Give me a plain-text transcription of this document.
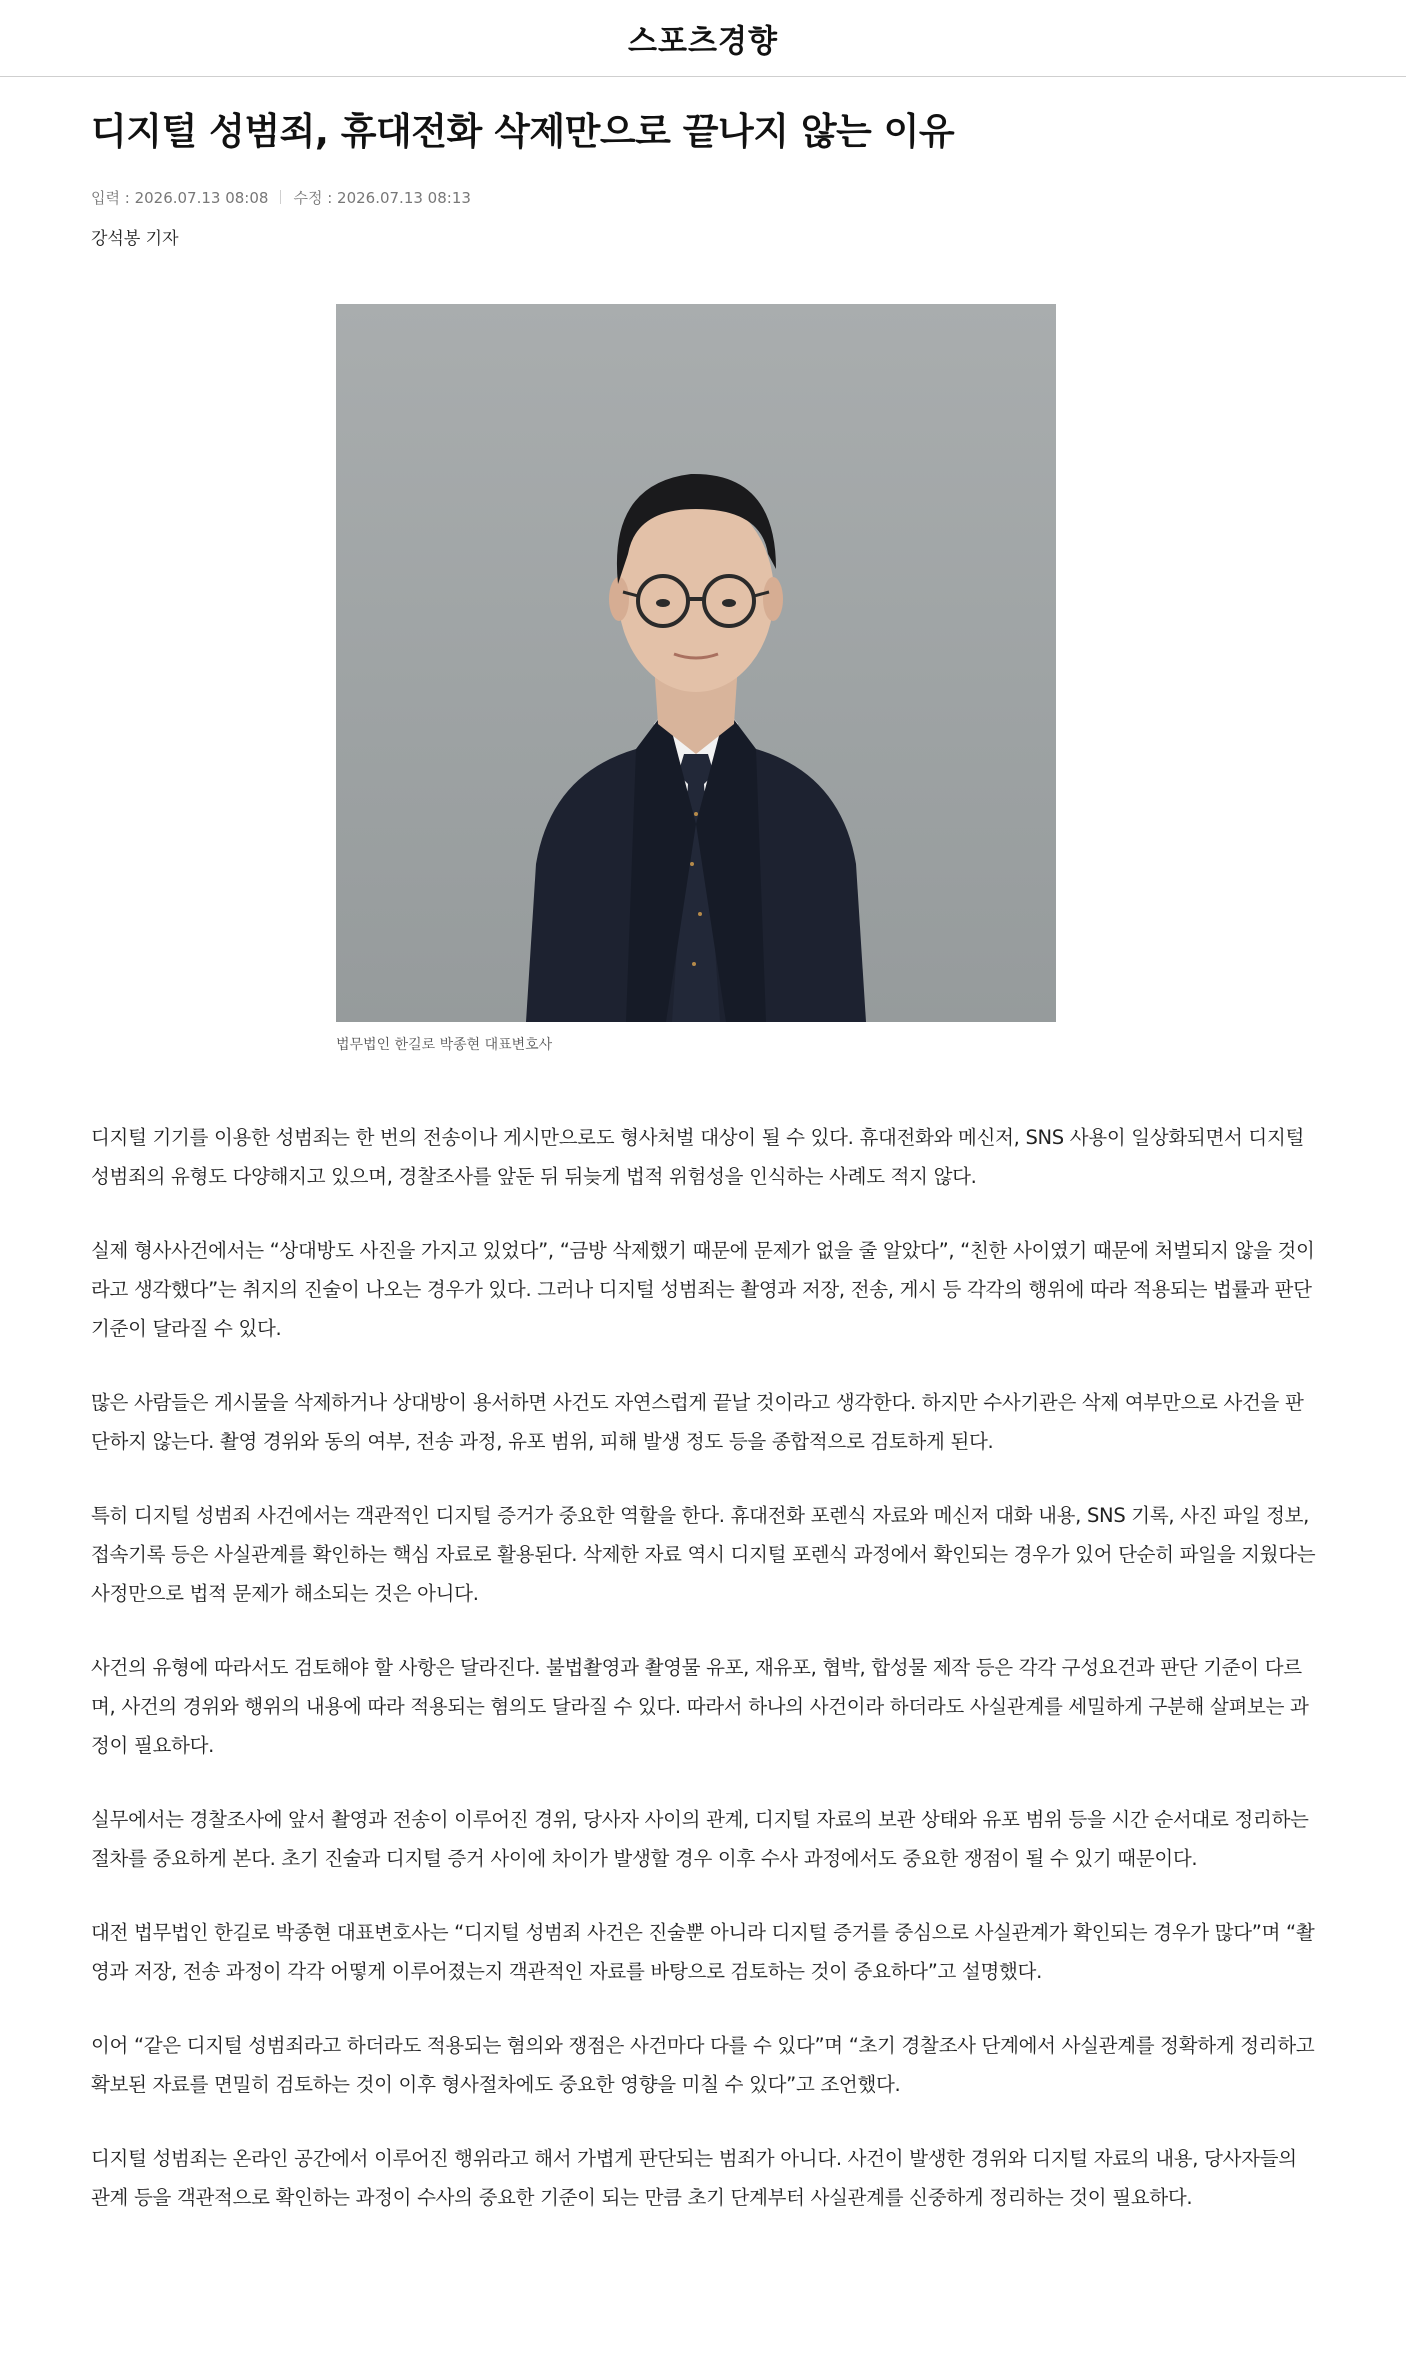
스포츠경향
디지털 성범죄, 휴대전화 삭제만으로 끝나지 않는 이유
입력 : 2026.07.13 08:08 수정 : 2026.07.13 08:13
강석봉 기자
법무법인 한길로 박종현 대표변호사

디지털 기기를 이용한 성범죄는 한 번의 전송이나 게시만으로도 형사처벌 대상이 될 수 있다. 휴대전화와 메신저, SNS 사용이 일상화되면서 디지털 성범죄의 유형도 다양해지고 있으며, 경찰조사를 앞둔 뒤 뒤늦게 법적 위험성을 인식하는 사례도 적지 않다.

실제 형사사건에서는 “상대방도 사진을 가지고 있었다”, “금방 삭제했기 때문에 문제가 없을 줄 알았다”, “친한 사이였기 때문에 처벌되지 않을 것이라고 생각했다”는 취지의 진술이 나오는 경우가 있다. 그러나 디지털 성범죄는 촬영과 저장, 전송, 게시 등 각각의 행위에 따라 적용되는 법률과 판단 기준이 달라질 수 있다.

많은 사람들은 게시물을 삭제하거나 상대방이 용서하면 사건도 자연스럽게 끝날 것이라고 생각한다. 하지만 수사기관은 삭제 여부만으로 사건을 판단하지 않는다. 촬영 경위와 동의 여부, 전송 과정, 유포 범위, 피해 발생 정도 등을 종합적으로 검토하게 된다.

특히 디지털 성범죄 사건에서는 객관적인 디지털 증거가 중요한 역할을 한다. 휴대전화 포렌식 자료와 메신저 대화 내용, SNS 기록, 사진 파일 정보, 접속기록 등은 사실관계를 확인하는 핵심 자료로 활용된다. 삭제한 자료 역시 디지털 포렌식 과정에서 확인되는 경우가 있어 단순히 파일을 지웠다는 사정만으로 법적 문제가 해소되는 것은 아니다.

사건의 유형에 따라서도 검토해야 할 사항은 달라진다. 불법촬영과 촬영물 유포, 재유포, 협박, 합성물 제작 등은 각각 구성요건과 판단 기준이 다르며, 사건의 경위와 행위의 내용에 따라 적용되는 혐의도 달라질 수 있다. 따라서 하나의 사건이라 하더라도 사실관계를 세밀하게 구분해 살펴보는 과정이 필요하다.

실무에서는 경찰조사에 앞서 촬영과 전송이 이루어진 경위, 당사자 사이의 관계, 디지털 자료의 보관 상태와 유포 범위 등을 시간 순서대로 정리하는 절차를 중요하게 본다. 초기 진술과 디지털 증거 사이에 차이가 발생할 경우 이후 수사 과정에서도 중요한 쟁점이 될 수 있기 때문이다.

대전 법무법인 한길로 박종현 대표변호사는 “디지털 성범죄 사건은 진술뿐 아니라 디지털 증거를 중심으로 사실관계가 확인되는 경우가 많다”며 “촬영과 저장, 전송 과정이 각각 어떻게 이루어졌는지 객관적인 자료를 바탕으로 검토하는 것이 중요하다”고 설명했다.

이어 “같은 디지털 성범죄라고 하더라도 적용되는 혐의와 쟁점은 사건마다 다를 수 있다”며 “초기 경찰조사 단계에서 사실관계를 정확하게 정리하고 확보된 자료를 면밀히 검토하는 것이 이후 형사절차에도 중요한 영향을 미칠 수 있다”고 조언했다.

디지털 성범죄는 온라인 공간에서 이루어진 행위라고 해서 가볍게 판단되는 범죄가 아니다. 사건이 발생한 경위와 디지털 자료의 내용, 당사자들의 관계 등을 객관적으로 확인하는 과정이 수사의 중요한 기준이 되는 만큼 초기 단계부터 사실관계를 신중하게 정리하는 것이 필요하다.
